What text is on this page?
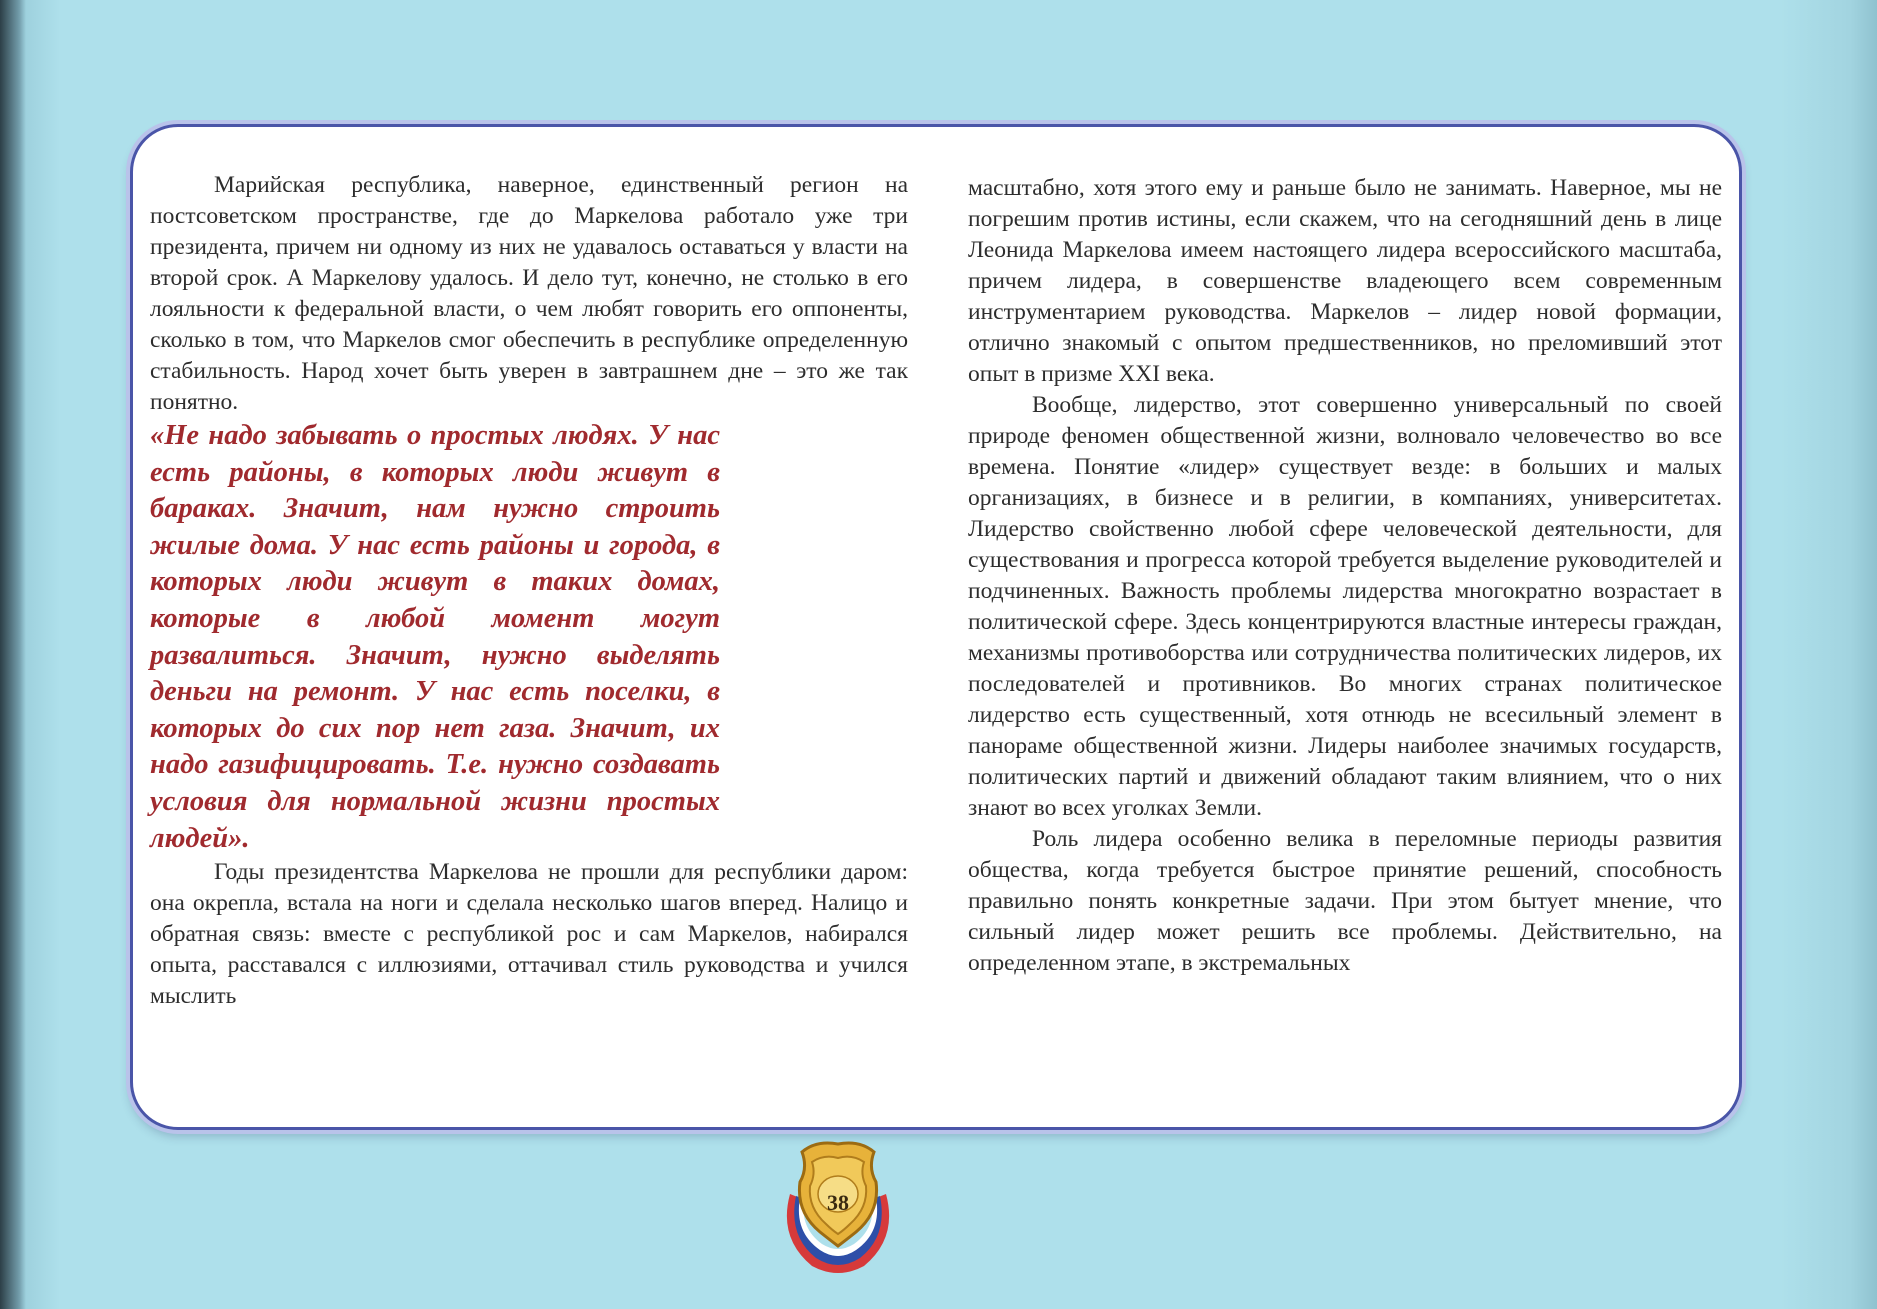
Марийская республика, наверное, единственный регион на постсоветском пространстве, где до Маркелова работало уже три президента, причем ни одному из них не удавалось оставаться у власти на второй срок. А Маркелову удалось. И дело тут, конечно, не столько в его лояльности к федеральной власти, о чем любят говорить его оппоненты, сколько в том, что Маркелов смог обеспечить в республике определенную стабильность. Народ хочет быть уверен в завтрашнем дне – это же так понятно.

«Не надо забывать о простых людях. У нас есть районы, в которых люди живут в бараках. Значит, нам нужно строить жилые дома. У нас есть районы и города, в которых люди живут в таких домах, которые в любой момент могут развалиться. Значит, нужно выделять деньги на ремонт. У нас есть поселки, в которых до сих пор нет газа. Значит, их надо газифицировать. Т.е. нужно создавать условия для нормальной жизни простых людей».

Годы президентства Маркелова не прошли для республики даром: она окрепла, встала на ноги и сделала несколько шагов вперед. Налицо и обратная связь: вместе с республикой рос и сам Маркелов, набирался опыта, расставался с иллюзиями, оттачивал стиль руководства и учился мыслить

масштабно, хотя этого ему и раньше было не занимать. Наверное, мы не погрешим против истины, если скажем, что на сегодняшний день в лице Леонида Маркелова имеем настоящего лидера всероссийского масштаба, причем лидера, в совершенстве владеющего всем современным инструментарием руководства. Маркелов – лидер новой формации, отлично знакомый с опытом предшественников, но преломивший этот опыт в призме XXI века.

Вообще, лидерство, этот совершенно универсальный по своей природе феномен общественной жизни, волновало человечество во все времена. Понятие «лидер» существует везде: в больших и малых организациях, в бизнесе и в религии, в компаниях, университетах. Лидерство свойственно любой сфере человеческой деятельности, для существования и прогресса которой требуется выделение руководителей и подчиненных. Важность проблемы лидерства многократно возрастает в политической сфере. Здесь концентрируются властные интересы граждан, механизмы противоборства или сотрудничества политических лидеров, их последователей и противников. Во многих странах политическое лидерство есть существенный, хотя отнюдь не всесильный элемент в панораме общественной жизни. Лидеры наиболее значимых государств, политических партий и движений обладают таким влиянием, что о них знают во всех уголках Земли.

Роль лидера особенно велика в переломные периоды развития общества, когда требуется быстрое принятие решений, способность правильно понять конкретные задачи. При этом бытует мнение, что сильный лидер может решить все проблемы. Действительно, на определенном этапе, в экстремальных

38
